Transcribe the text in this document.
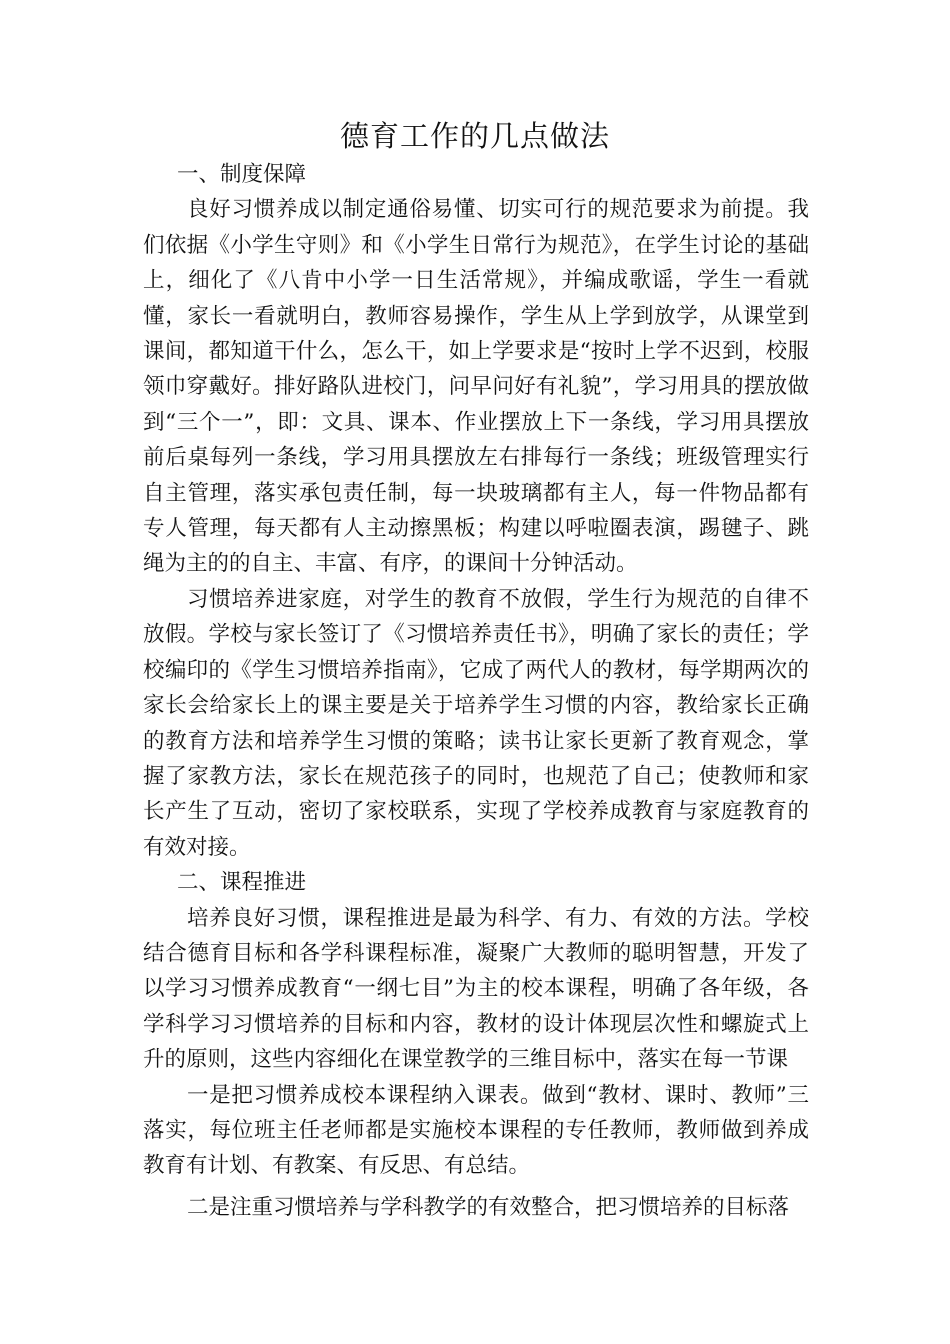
德育工作的几点做法

一、制度保障

良好习惯养成以制定通俗易懂、切实可行的规范要求为前提。我们依据《小学生守则》和《小学生日常行为规范》，在学生讨论的基础上，细化了《八肯中小学一日生活常规》，并编成歌谣，学生一看就懂，家长一看就明白，教师容易操作，学生从上学到放学，从课堂到课间，都知道干什么，怎么干，如上学要求是“按时上学不迟到，校服领巾穿戴好。排好路队进校门，问早问好有礼貌”，学习用具的摆放做到“三个一”，即：文具、课本、作业摆放上下一条线，学习用具摆放前后桌每列一条线，学习用具摆放左右排每行一条线；班级管理实行自主管理，落实承包责任制，每一块玻璃都有主人，每一件物品都有专人管理，每天都有人主动擦黑板；构建以呼啦圈表演，踢毽子、跳绳为主的的自主、丰富、有序，的课间十分钟活动。

习惯培养进家庭，对学生的教育不放假，学生行为规范的自律不放假。学校与家长签订了《习惯培养责任书》，明确了家长的责任；学校编印的《学生习惯培养指南》，它成了两代人的教材，每学期两次的家长会给家长上的课主要是关于培养学生习惯的内容，教给家长正确的教育方法和培养学生习惯的策略；读书让家长更新了教育观念，掌握了家教方法，家长在规范孩子的同时，也规范了自己；使教师和家长产生了互动，密切了家校联系，实现了学校养成教育与家庭教育的有效对接。

二、课程推进

培养良好习惯，课程推进是最为科学、有力、有效的方法。学校结合德育目标和各学科课程标准，凝聚广大教师的聪明智慧，开发了以学习习惯养成教育“一纲七目”为主的校本课程，明确了各年级，各学科学习习惯培养的目标和内容，教材的设计体现层次性和螺旋式上升的原则，这些内容细化在课堂教学的三维目标中，落实在每一节课

一是把习惯养成校本课程纳入课表。做到“教材、课时、教师”三落实，每位班主任老师都是实施校本课程的专任教师，教师做到养成教育有计划、有教案、有反思、有总结。

二是注重习惯培养与学科教学的有效整合，把习惯培养的目标落
